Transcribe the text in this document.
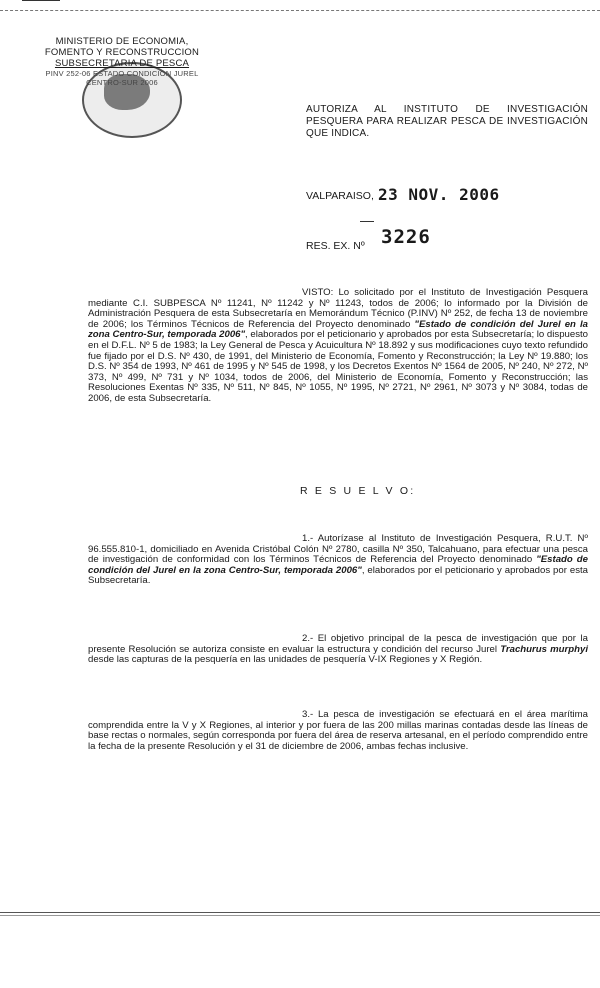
MINISTERIO DE ECONOMIA,
FOMENTO Y RECONSTRUCCION
SUBSECRETARIA DE PESCA
PINV 252-06 ESTADO CONDICION JUREL
CENTRO-SUR 2006
AUTORIZA AL INSTITUTO DE INVESTIGACIÓN PESQUERA PARA REALIZAR PESCA DE INVESTIGACIÓN QUE INDICA.
VALPARAISO, 23 NOV. 2006
RES. EX. Nº 3226
VISTO: Lo solicitado por el Instituto de Investigación Pesquera mediante C.I. SUBPESCA Nº 11241, Nº 11242 y Nº 11243, todos de 2006; lo informado por la División de Administración Pesquera de esta Subsecretaría en Memorándum Técnico (P.INV) Nº 252, de fecha 13 de noviembre de 2006; los Términos Técnicos de Referencia del Proyecto denominado "Estado de condición del Jurel en la zona Centro-Sur, temporada 2006", elaborados por el peticionario y aprobados por esta Subsecretaría; lo dispuesto en el D.F.L. Nº 5 de 1983; la Ley General de Pesca y Acuicultura Nº 18.892 y sus modificaciones cuyo texto refundido fue fijado por el D.S. Nº 430, de 1991, del Ministerio de Economía, Fomento y Reconstrucción; la Ley Nº 19.880; los D.S. Nº 354 de 1993, Nº 461 de 1995 y Nº 545 de 1998, y los Decretos Exentos Nº 1564 de 2005, Nº 240, Nº 272, Nº 373, Nº 499, Nº 731 y Nº 1034, todos de 2006, del Ministerio de Economía, Fomento y Reconstrucción; las Resoluciones Exentas Nº 335, Nº 511, Nº 845, Nº 1055, Nº 1995, Nº 2721, Nº 2961, Nº 3073 y Nº 3084, todas de 2006, de esta Subsecretaría.
R E S U E L V O:
1.- Autorízase al Instituto de Investigación Pesquera, R.U.T. Nº 96.555.810-1, domiciliado en Avenida Cristóbal Colón Nº 2780, casilla Nº 350, Talcahuano, para efectuar una pesca de investigación de conformidad con los Términos Técnicos de Referencia del Proyecto denominado "Estado de condición del Jurel en la zona Centro-Sur, temporada 2006", elaborados por el peticionario y aprobados por esta Subsecretaría.
2.- El objetivo principal de la pesca de investigación que por la presente Resolución se autoriza consiste en evaluar la estructura y condición del recurso Jurel Trachurus murphyi desde las capturas de la pesquería en las unidades de pesquería V-IX Regiones y X Región.
3.- La pesca de investigación se efectuará en el área marítima comprendida entre la V y X Regiones, al interior y por fuera de las 200 millas marinas contadas desde las líneas de base rectas o normales, según corresponda por fuera del área de reserva artesanal, en el período comprendido entre la fecha de la presente Resolución y el 31 de diciembre de 2006, ambas fechas inclusive.
